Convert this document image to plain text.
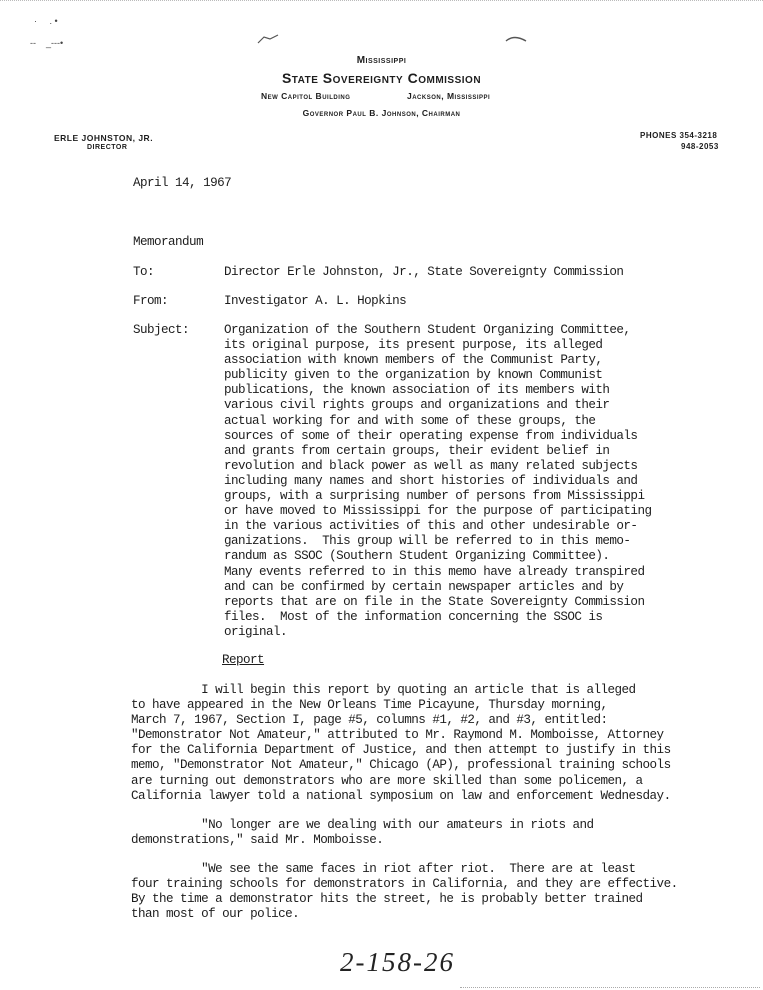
·     . •
-‐    _-‐‐•
Mississippi
State Sovereignty Commission
New Capitol Building	Jackson, Mississippi
Governor Paul B. Johnson, Chairman
ERLE JOHNSTON, JR.
DIRECTOR
PHONES 354-3218
948-2053
April 14, 1967
Memorandum
To:	Director Erle Johnston, Jr., State Sovereignty Commission
From:	Investigator A. L. Hopkins
Subject:	Organization of the Southern Student Organizing Committee,
its original purpose, its present purpose, its alleged
association with known members of the Communist Party,
publicity given to the organization by known Communist
publications, the known association of its members with
various civil rights groups and organizations and their
actual working for and with some of these groups, the
sources of some of their operating expense from individuals
and grants from certain groups, their evident belief in
revolution and black power as well as many related subjects
including many names and short histories of individuals and
groups, with a surprising number of persons from Mississippi
or have moved to Mississippi for the purpose of participating
in the various activities of this and other undesirable or-
ganizations.  This group will be referred to in this memo-
randum as SSOC (Southern Student Organizing Committee).
Many events referred to in this memo have already transpired
and can be confirmed by certain newspaper articles and by
reports that are on file in the State Sovereignty Commission
files.  Most of the information concerning the SSOC is
original.
Report
I will begin this report by quoting an article that is alleged
to have appeared in the New Orleans Time Picayune, Thursday morning,
March 7, 1967, Section I, page #5, columns #1, #2, and #3, entitled:
"Demonstrator Not Amateur," attributed to Mr. Raymond M. Momboisse, Attorney
for the California Department of Justice, and then attempt to justify in this
memo, "Demonstrator Not Amateur," Chicago (AP), professional training schools
are turning out demonstrators who are more skilled than some policemen, a
California lawyer told a national symposium on law and enforcement Wednesday.
"No longer are we dealing with our amateurs in riots and
demonstrations," said Mr. Momboisse.
"We see the same faces in riot after riot.  There are at least
four training schools for demonstrators in California, and they are effective.
By the time a demonstrator hits the street, he is probably better trained
than most of our police.
2-158-26
